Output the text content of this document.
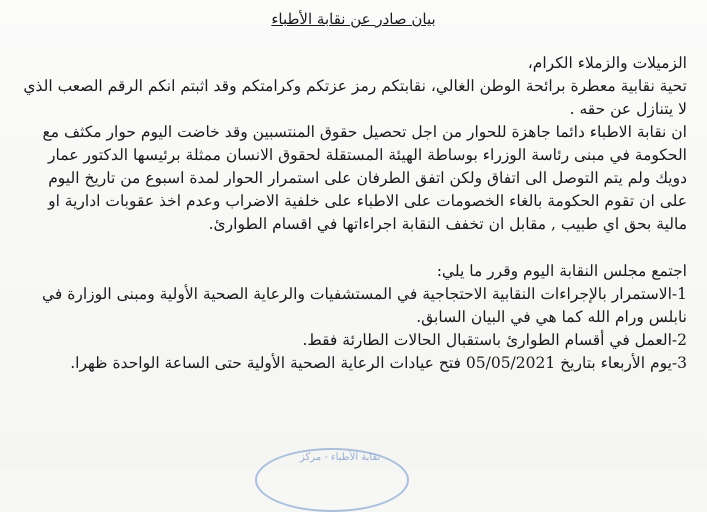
بيان صادر عن نقابة الأطباء

الزميلات والزملاء الكرام،

تحية نقابية معطرة برائحة الوطن الغالي، نقابتكم رمز عزتكم وكرامتكم وقد اثبتم انكم الرقم الصعب الذي لا يتنازل عن حقه .

ان نقابة الاطباء دائما جاهزة للحوار من اجل تحصيل حقوق المنتسبين وقد خاضت اليوم حوار مكثف مع الحكومة في مبنى رئاسة الوزراء بوساطة الهيئة المستقلة لحقوق الانسان ممثلة برئيسها الدكتور عمار دويك ولم يتم التوصل الى اتفاق ولكن اتفق الطرفان على استمرار الحوار لمدة اسبوع من تاريخ اليوم على ان تقوم الحكومة بالغاء الخصومات على الاطباء على خلفية الاضراب وعدم اخذ عقوبات ادارية او مالية بحق اي طبيب , مقابل ان تخفف النقابة اجراءاتها في اقسام الطوارئ.

اجتمع مجلس النقابة اليوم وقرر ما يلي:

1-الاستمرار بالإجراءات النقابية الاحتجاجية في المستشفيات والرعاية الصحية الأولية ومبنى الوزارة في نابلس ورام الله كما هي في البيان السابق.

2-العمل في أقسام الطوارئ باستقبال الحالات الطارئة فقط.

3-يوم الأربعاء بتاريخ 05/05/2021 فتح عيادات الرعاية الصحية الأولية حتى الساعة الواحدة ظهرا.

نقابة الأطباء - مركز
